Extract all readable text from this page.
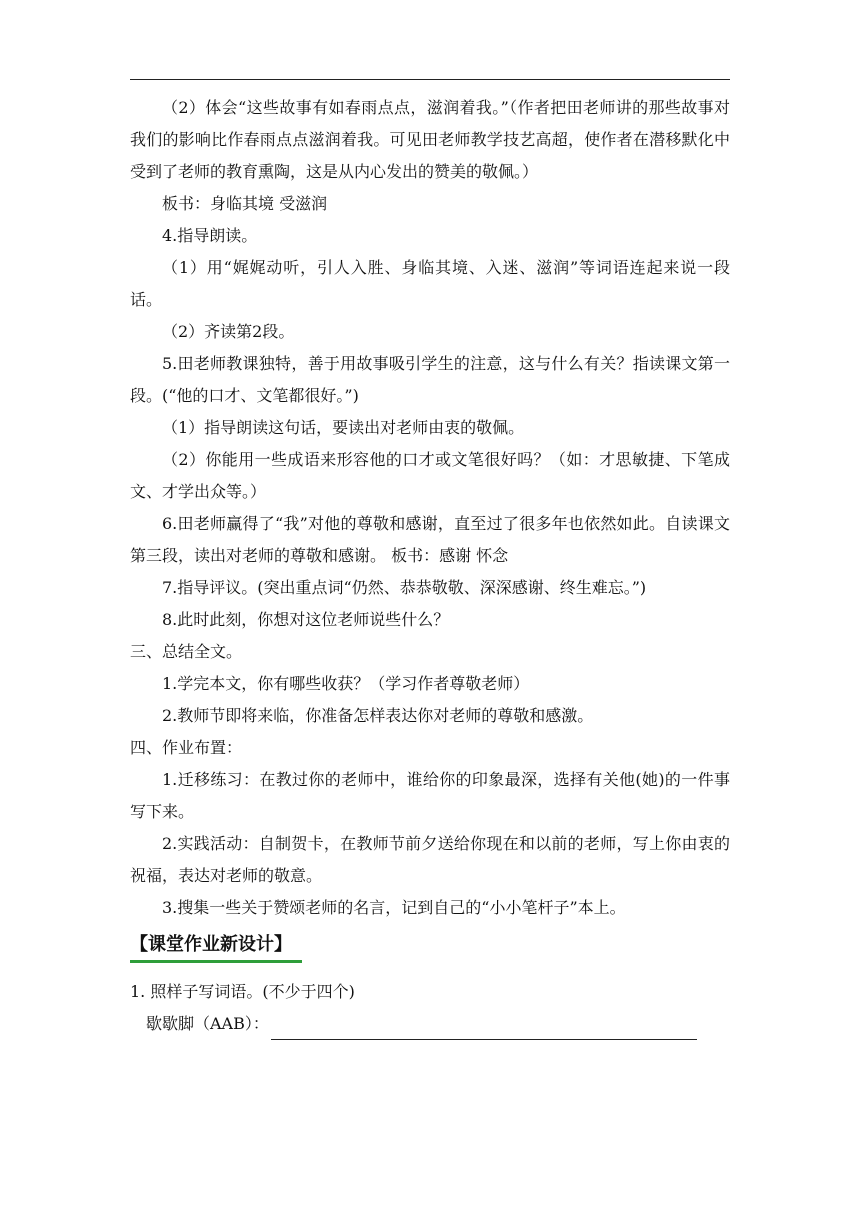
（2）体会“这些故事有如春雨点点，滋润着我。”（作者把田老师讲的那些故事对我们的影响比作春雨点点滋润着我。可见田老师教学技艺高超，使作者在潜移默化中受到了老师的教育熏陶，这是从内心发出的赞美的敬佩。）

板书：身临其境 受滋润

4.指导朗读。

（1）用“娓娓动听，引人入胜、身临其境、入迷、滋润”等词语连起来说一段话。

（2）齐读第2段。

5.田老师教课独特，善于用故事吸引学生的注意，这与什么有关？指读课文第一段。(“他的口才、文笔都很好。”)

（1）指导朗读这句话，要读出对老师由衷的敬佩。

（2）你能用一些成语来形容他的口才或文笔很好吗？（如：才思敏捷、下笔成文、才学出众等。）

6.田老师赢得了“我”对他的尊敬和感谢，直至过了很多年也依然如此。自读课文第三段，读出对老师的尊敬和感谢。 板书：感谢 怀念

7.指导评议。(突出重点词“仍然、恭恭敬敬、深深感谢、终生难忘。”)

8.此时此刻，你想对这位老师说些什么？

三、总结全文。

1.学完本文，你有哪些收获？（学习作者尊敬老师）

2.教师节即将来临，你准备怎样表达你对老师的尊敬和感激。

四、作业布置：

1.迁移练习：在教过你的老师中，谁给你的印象最深，选择有关他(她)的一件事写下来。

2.实践活动：自制贺卡，在教师节前夕送给你现在和以前的老师，写上你由衷的祝福，表达对老师的敬意。

3.搜集一些关于赞颂老师的名言，记到自己的“小小笔杆子”本上。

【课堂作业新设计】

1. 照样子写词语。(不少于四个)

歇歇脚（AAB）：
